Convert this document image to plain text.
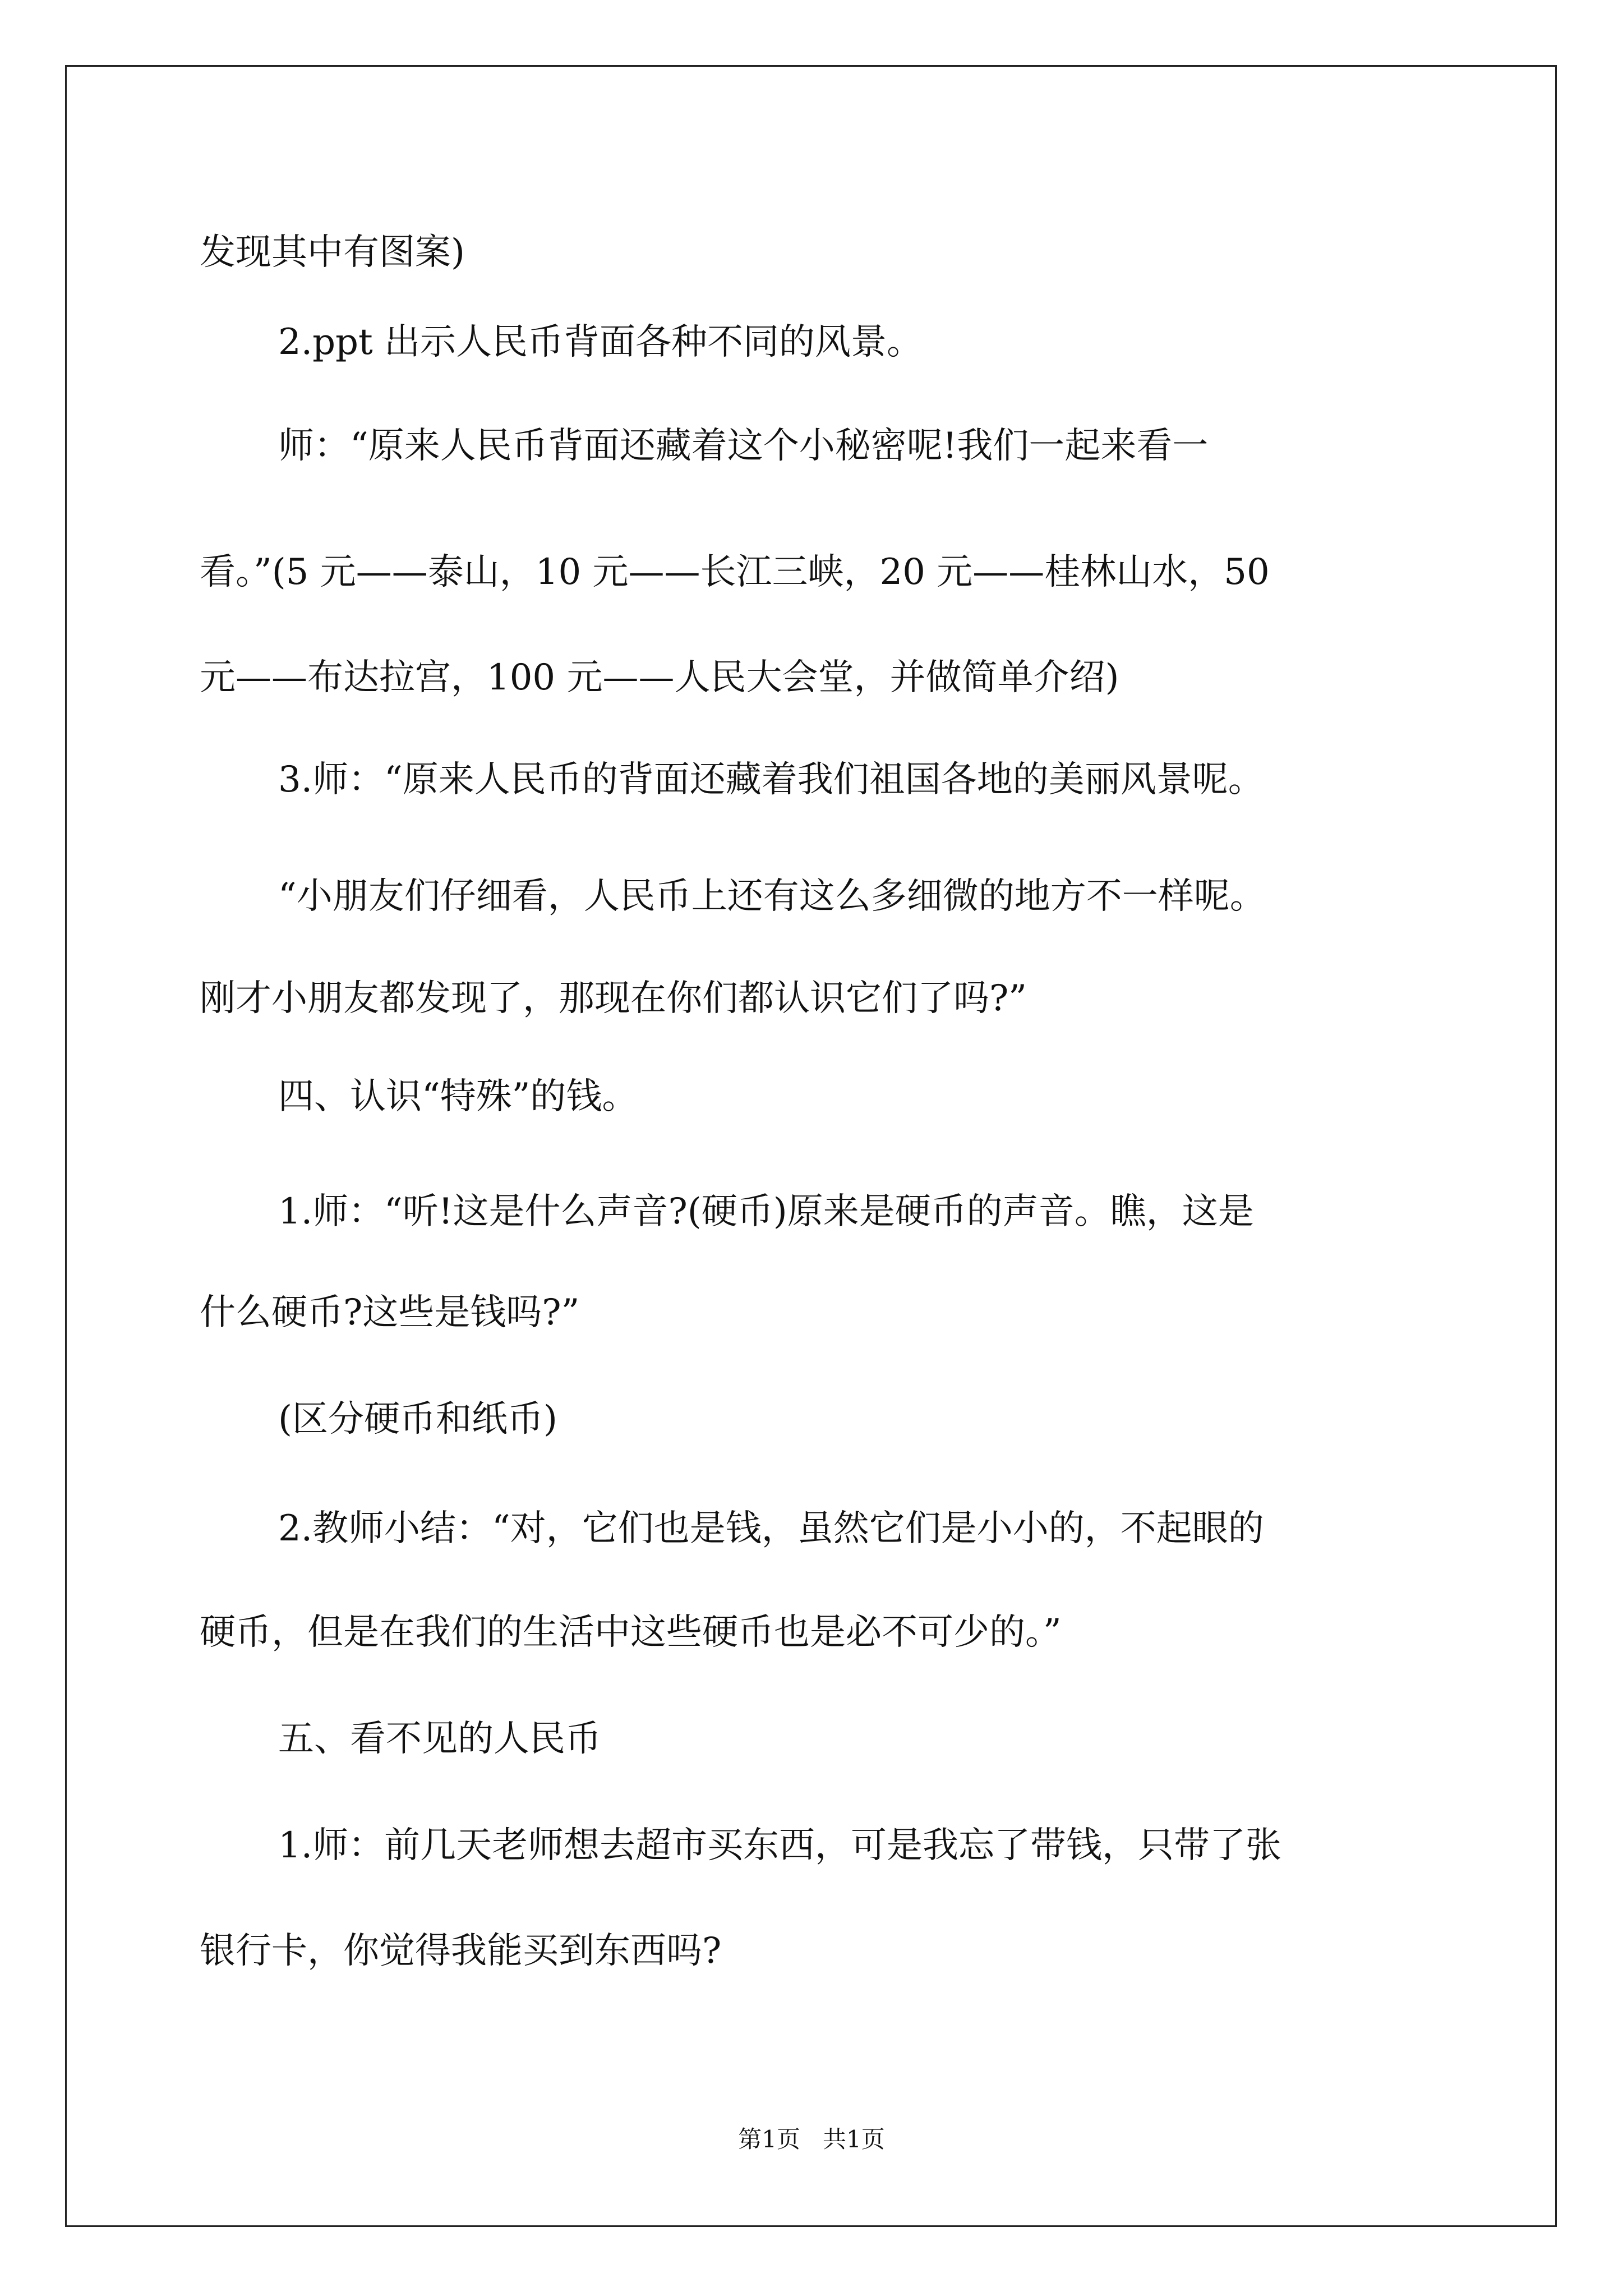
发现其中有图案)
2.ppt 出示人民币背面各种不同的风景。
师：“原来人民币背面还藏着这个小秘密呢!我们一起来看一
看。”(5 元——泰山，10 元——长江三峡，20 元——桂林山水，50
元——布达拉宫，100 元——人民大会堂，并做简单介绍)
3.师：“原来人民币的背面还藏着我们祖国各地的美丽风景呢。
“小朋友们仔细看，人民币上还有这么多细微的地方不一样呢。
刚才小朋友都发现了，那现在你们都认识它们了吗?”
四、认识“特殊”的钱。
1.师：“听!这是什么声音?(硬币)原来是硬币的声音。瞧，这是
什么硬币?这些是钱吗?”
(区分硬币和纸币)
2.教师小结：“对，它们也是钱，虽然它们是小小的，不起眼的
硬币，但是在我们的生活中这些硬币也是必不可少的。”
五、看不见的人民币
1.师：前几天老师想去超市买东西，可是我忘了带钱，只带了张
银行卡，你觉得我能买到东西吗?
第1页   共1页
